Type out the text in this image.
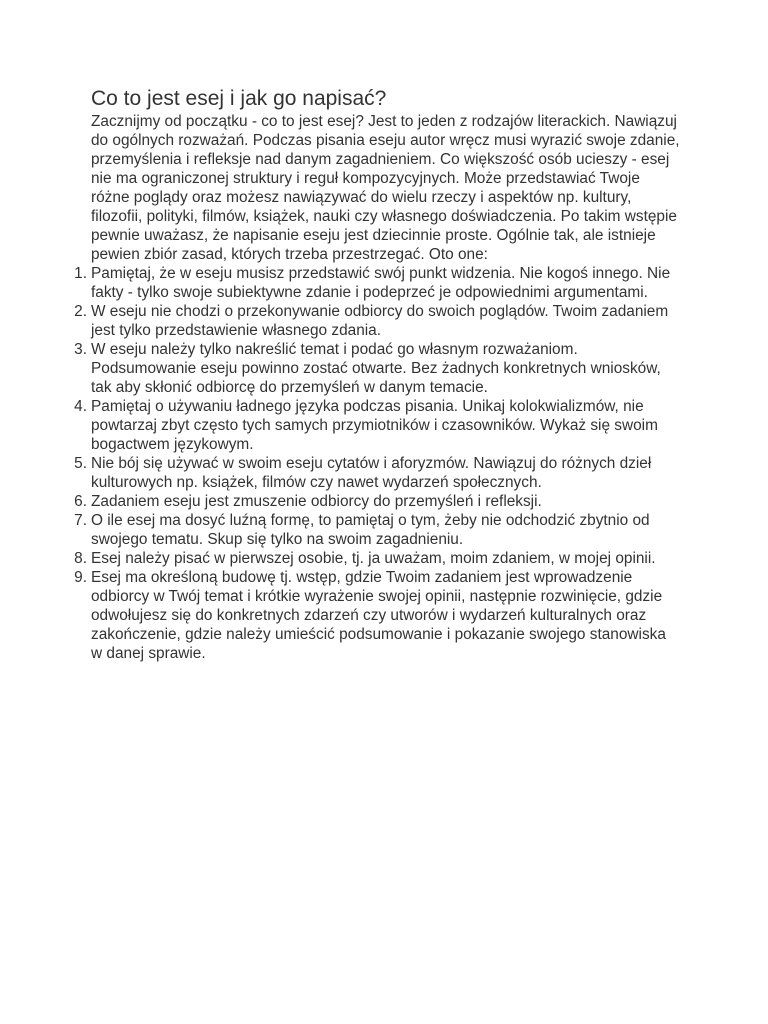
Co to jest esej i jak go napisać?

Zacznijmy od początku - co to jest esej? Jest to jeden z rodzajów literackich. Nawiązuj do ogólnych rozważań. Podczas pisania eseju autor wręcz musi wyrazić swoje zdanie, przemyślenia i refleksje nad danym zagadnieniem. Co większość osób ucieszy - esej nie ma ograniczonej struktury i reguł kompozycyjnych. Może przedstawiać Twoje różne poglądy oraz możesz nawiązywać do wielu rzeczy i aspektów np. kultury, filozofii, polityki, filmów, książek, nauki czy własnego doświadczenia. Po takim wstępie pewnie uważasz, że napisanie eseju jest dziecinnie proste. Ogólnie tak, ale istnieje pewien zbiór zasad, których trzeba przestrzegać. Oto one:

1. Pamiętaj, że w eseju musisz przedstawić swój punkt widzenia. Nie kogoś innego. Nie fakty - tylko swoje subiektywne zdanie i podeprzeć je odpowiednimi argumentami.
2. W eseju nie chodzi o przekonywanie odbiorcy do swoich poglądów. Twoim zadaniem jest tylko przedstawienie własnego zdania.
3. W eseju należy tylko nakreślić temat i podać go własnym rozważaniom. Podsumowanie eseju powinno zostać otwarte. Bez żadnych konkretnych wniosków, tak aby skłonić odbiorcę do przemyśleń w danym temacie.
4. Pamiętaj o używaniu ładnego języka podczas pisania. Unikaj kolokwializmów, nie powtarzaj zbyt często tych samych przymiotników i czasowników. Wykaż się swoim bogactwem językowym.
5. Nie bój się używać w swoim eseju cytatów i aforyzmów. Nawiązuj do różnych dzieł kulturowych np. książek, filmów czy nawet wydarzeń społecznych.
6. Zadaniem eseju jest zmuszenie odbiorcy do przemyśleń i refleksji.
7. O ile esej ma dosyć luźną formę, to pamiętaj o tym, żeby nie odchodzić zbytnio od swojego tematu. Skup się tylko na swoim zagadnieniu.
8. Esej należy pisać w pierwszej osobie, tj. ja uważam, moim zdaniem, w mojej opinii.
9. Esej ma określoną budowę tj. wstęp, gdzie Twoim zadaniem jest wprowadzenie odbiorcy w Twój temat i krótkie wyrażenie swojej opinii, następnie rozwinięcie, gdzie odwołujesz się do konkretnych zdarzeń czy utworów i wydarzeń kulturalnych oraz zakończenie, gdzie należy umieścić podsumowanie i pokazanie swojego stanowiska w danej sprawie.
